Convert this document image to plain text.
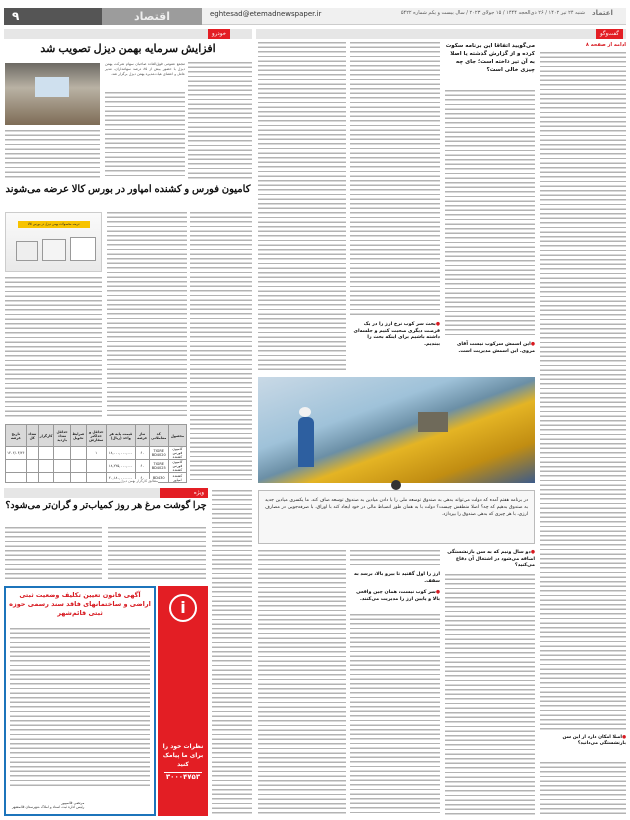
۹	اقتصاد	eghtesad@etemadnewspaper.ir	شنبه ۲۴ تیر ۱۴۰۲ / ۲۶ ذی‌الحجه ۱۴۴۴ / ۱۵ جولای ۲۰۲۳ / سال بیست و یکم شماره ۵۴۲۲ اعتماد
خودرو	گفت‌وگو
افزایش سرمایه بهمن دیزل تصویب شد
مجمع عمومی فوق‌العاده صاحبان سهام شرکت بهمن دیزل با حضور بیش از ۸۵ درصد سهامداران، مدیر عامل و اعضای هیات‌مدیره بهمن دیزل برگزار شد.
کامیون فورس و کشنده امپاور در بورس کالا عرضه می‌شوند
عرضه محصولات بهمن دیزل در بورس کالا
محصول	کد معاملاتی	تناژ عرضه	قیمت پایه هر واحد (ریال)	حداقل و حداکثر سفارش	شرایط تحویل	حداقل تعداد بازدید	کارگزار	تعداد کل	تاریخ عرضه
کامیون فورس کشنده	TIGRE BD4020	۶۰	۱۸,۰۰۰,۰۰۰,۰۰۰	۱					۱۴۰۲/۰۴/۲۶
کامیون فورس کشنده	TIGRE BD4025	۶۰	۱۸,۲۲۵,۰۰۰,۰۰۰						
کشنده امپاور	BD430	۶۰	۲۰,۱۸۰,۰۰۰,۰۰۰						
مطابق کارگزار بهمن دیزل
ویژه
چرا گوشت مرغ هر روز کمیاب‌تر و گران‌تر می‌شود؟
آگهی قانون تعیین تکلیف وضعیت ثبتی اراضی و ساختمانهای فاقد سند رسمی حوزه ثبتی قائم‌شهر
مرتضی قائمیپور
رئیس اداره ثبت اسناد و املاک شهرستان قائمشهر
i
نظرات خود را برای ما پیامک کنید
۳۰۰۰۴۷۵۳
ادامه از صفحه ۸
می‌گویید اتفاقا این برنامه سکوت کرده و از گزارش گذشته یا اصلا به آن تیر داخته است؛ جای چه چیزی خالی است؟
●بحث سر کوب نرخ ارز را در یک فرصت دیگری صحبت کنیم و جلسه‌ای داشته باشیم برای اینکه بحث را ببندیم.	●این اسمش سرکوب نیست آقای مروی. این اسمش مدیریت است.
در برنامه هفتم آمده که دولت می‌تواند بدهی به صندوق توسعه ملی را با دادن میادین به صندوق توسعه صاف کند. ما یکسری میادین جدید به صندوق بدهیم که چه؟ اصلا منطقش چیست؟ دولت با به همان طور انضباط مالی در خود ایجاد کند با اوراق، با صرفه‌جویی در مصارف ارزی، با هر چیزی که بدهی صندوق را بپردازد.
●دو سال ونیم که به سن بازنشستگی اضافه می‌شود در اشتغال آن دفاع می‌کنید؟
ارز را اول گفتید تا بیرو بالا، برسد به سقف.
●سر کوب نیست، همان چین واقعی بالا و پایین ارز را مدیریت می‌کنند.
●اصلا امکان دارد از این سن بازنشستگی می‌دانید؟
